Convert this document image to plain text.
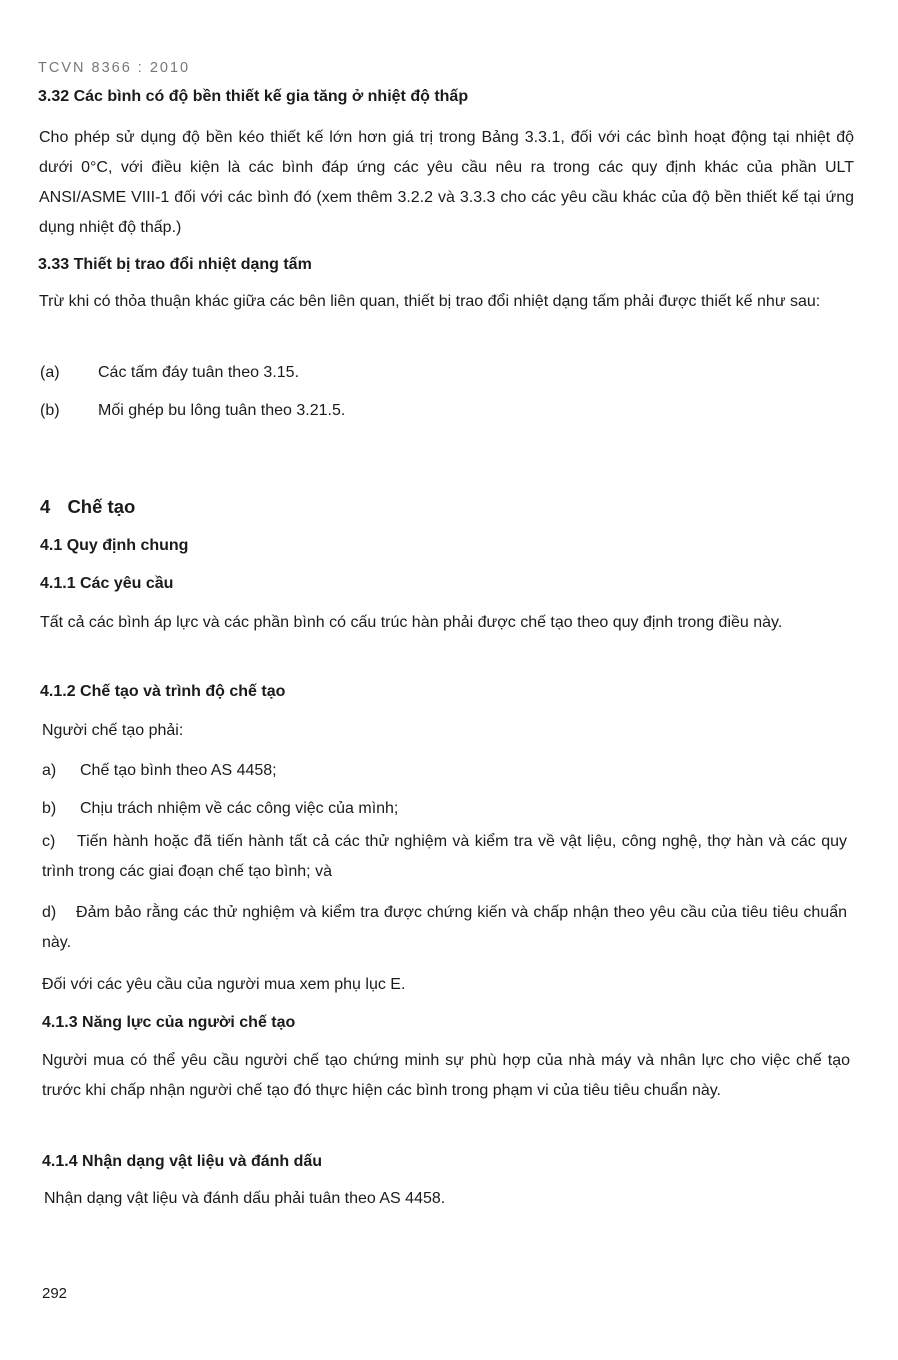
TCVN 8366 : 2010
3.32 Các bình có độ bền thiết kế gia tăng ở nhiệt độ thấp
Cho phép sử dụng độ bền kéo thiết kế lớn hơn giá trị trong Bảng 3.3.1, đối với các bình hoạt động tại nhiệt độ dưới 0°C, với điều kiện là các bình đáp ứng các yêu cầu nêu ra trong các quy định khác của phần ULT ANSI/ASME VIII-1 đối với các bình đó (xem thêm 3.2.2 và 3.3.3 cho các yêu cầu khác của độ bền thiết kế tại ứng dụng nhiệt độ thấp.)
3.33 Thiết bị trao đổi nhiệt dạng tấm
Trừ khi có thỏa thuận khác giữa các bên liên quan, thiết bị trao đổi nhiệt dạng tấm phải được thiết kế như sau:
(a) Các tấm đáy tuân theo 3.15.
(b) Mối ghép bu lông tuân theo 3.21.5.
4 Chế tạo
4.1 Quy định chung
4.1.1 Các yêu cầu
Tất cả các bình áp lực và các phần bình có cấu trúc hàn phải được chế tạo theo quy định trong điều này.
4.1.2 Chế tạo và trình độ chế tạo
Người chế tạo phải:
a) Chế tạo bình theo AS 4458;
b) Chịu trách nhiệm về các công việc của mình;
c) Tiến hành hoặc đã tiến hành tất cả các thử nghiệm và kiểm tra về vật liệu, công nghệ, thợ hàn và các quy trình trong các giai đoạn chế tạo bình; và
d) Đảm bảo rằng các thử nghiệm và kiểm tra được chứng kiến và chấp nhận theo yêu cầu của tiêu tiêu chuẩn này.
Đối với các yêu cầu của người mua xem phụ lục E.
4.1.3 Năng lực của người chế tạo
Người mua có thể yêu cầu người chế tạo chứng minh sự phù hợp của nhà máy và nhân lực cho việc chế tạo trước khi chấp nhận người chế tạo đó thực hiện các bình trong phạm vi của tiêu tiêu chuẩn này.
4.1.4 Nhận dạng vật liệu và đánh dấu
Nhận dạng vật liệu và đánh dấu phải tuân theo AS 4458.
292
